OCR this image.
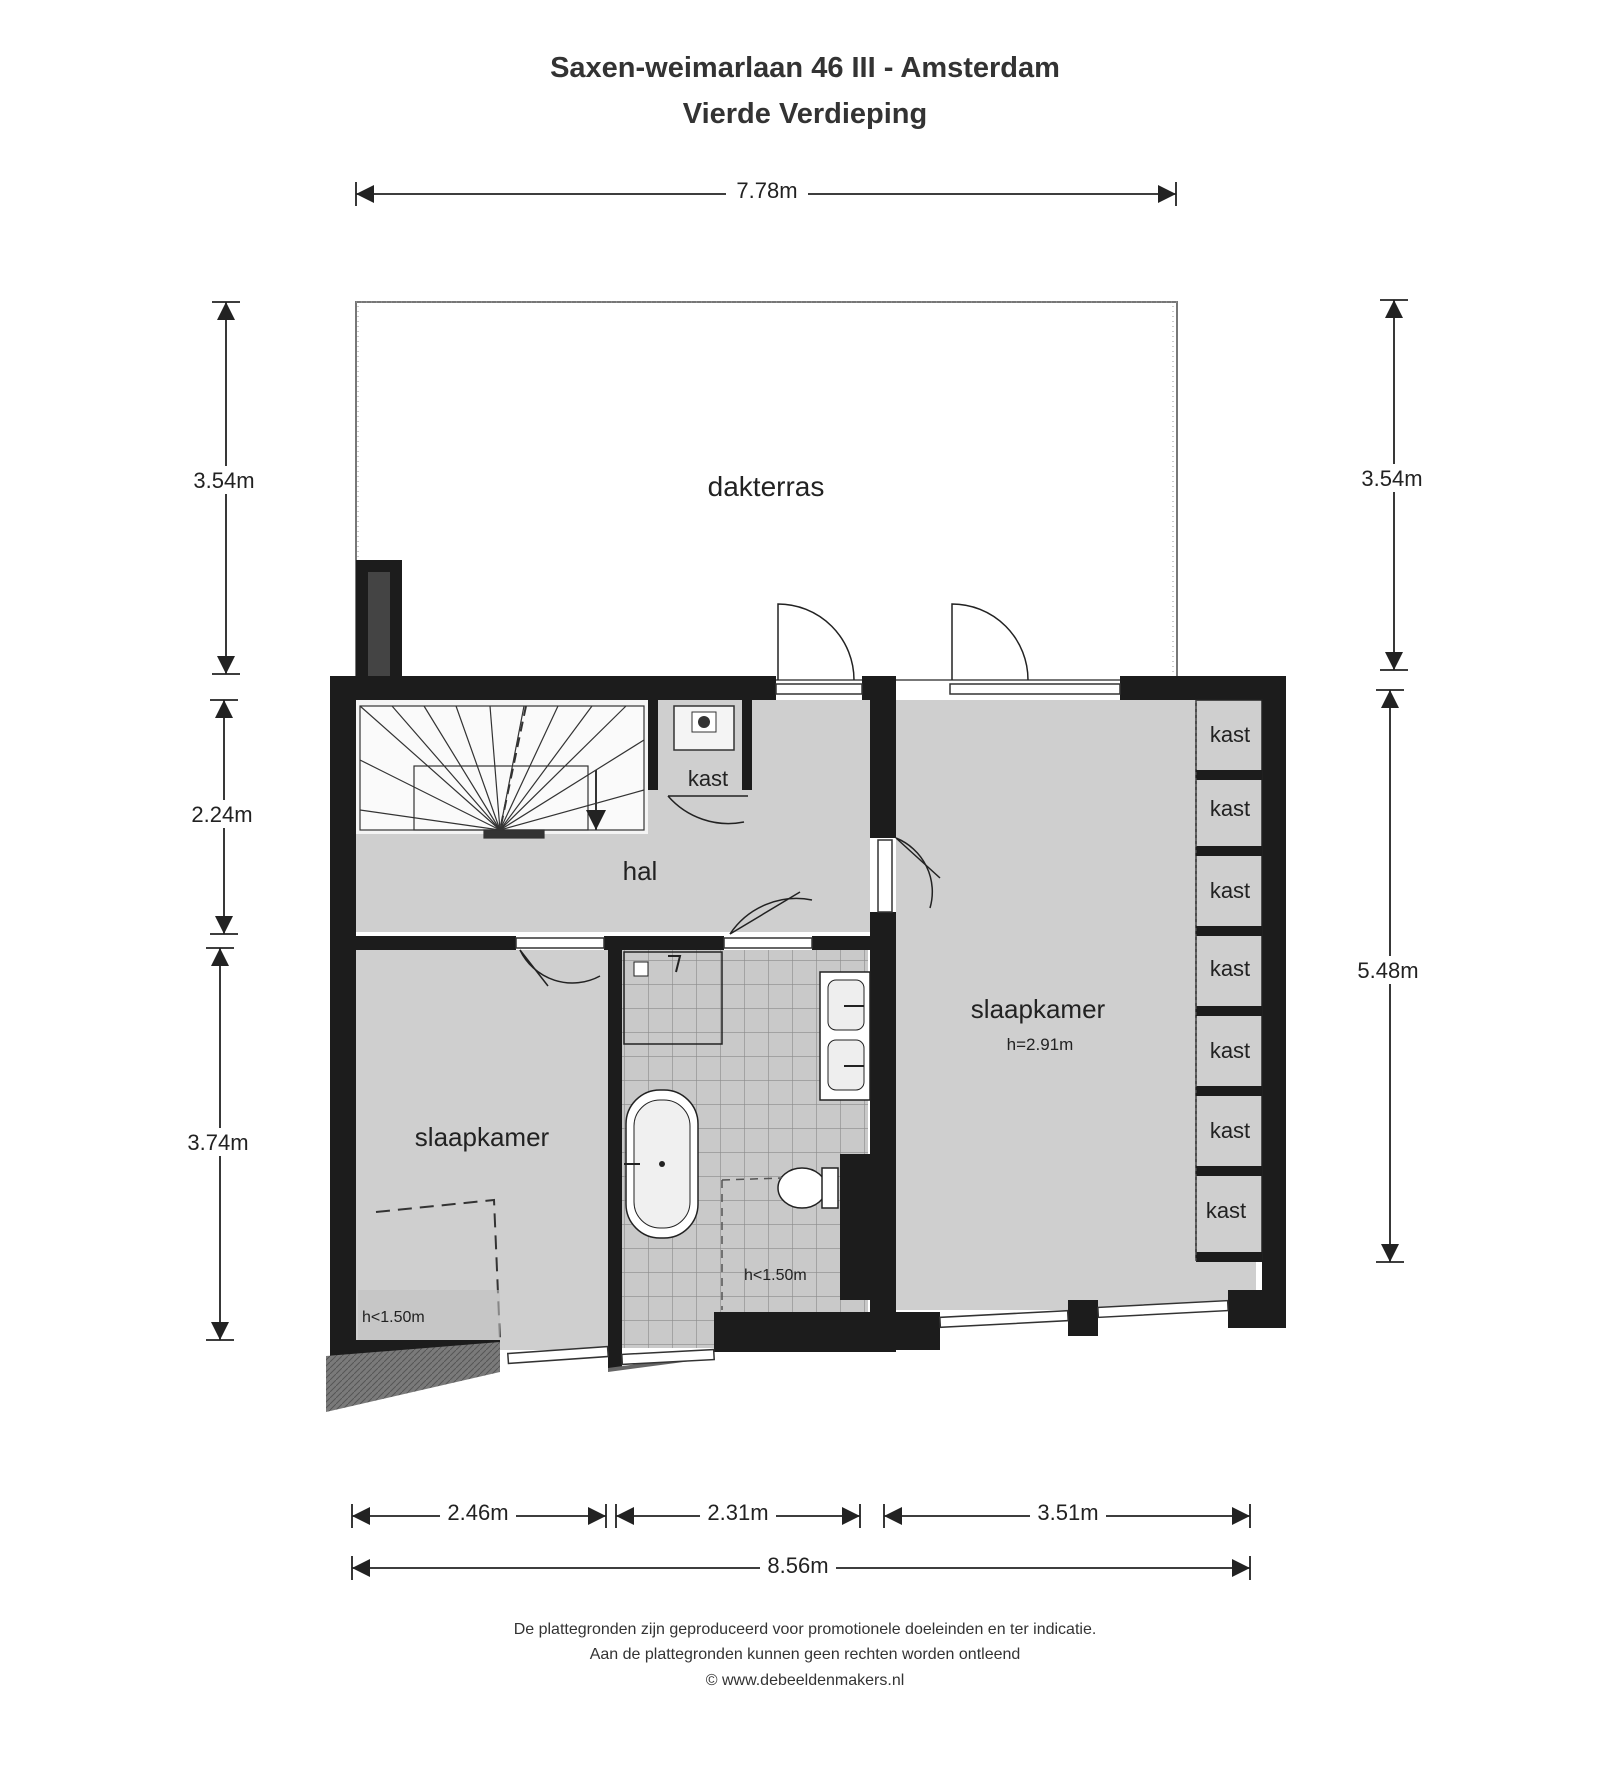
Saxen-weimarlaan 46 III - Amsterdam
Vierde Verdieping
dakterras
hal
kast
slaapkamer
slaapkamer
h=2.91m
h<1.50m
h<1.50m
kast
kast
kast
kast
kast
kast
kast
7.78m
3.54m
2.24m
3.74m
3.54m
5.48m
2.46m	2.31m	3.51m
8.56m
De plattegronden zijn geproduceerd voor promotionele doeleinden en ter indicatie.
Aan de plattegronden kunnen geen rechten worden ontleend
© www.debeeldenmakers.nl
